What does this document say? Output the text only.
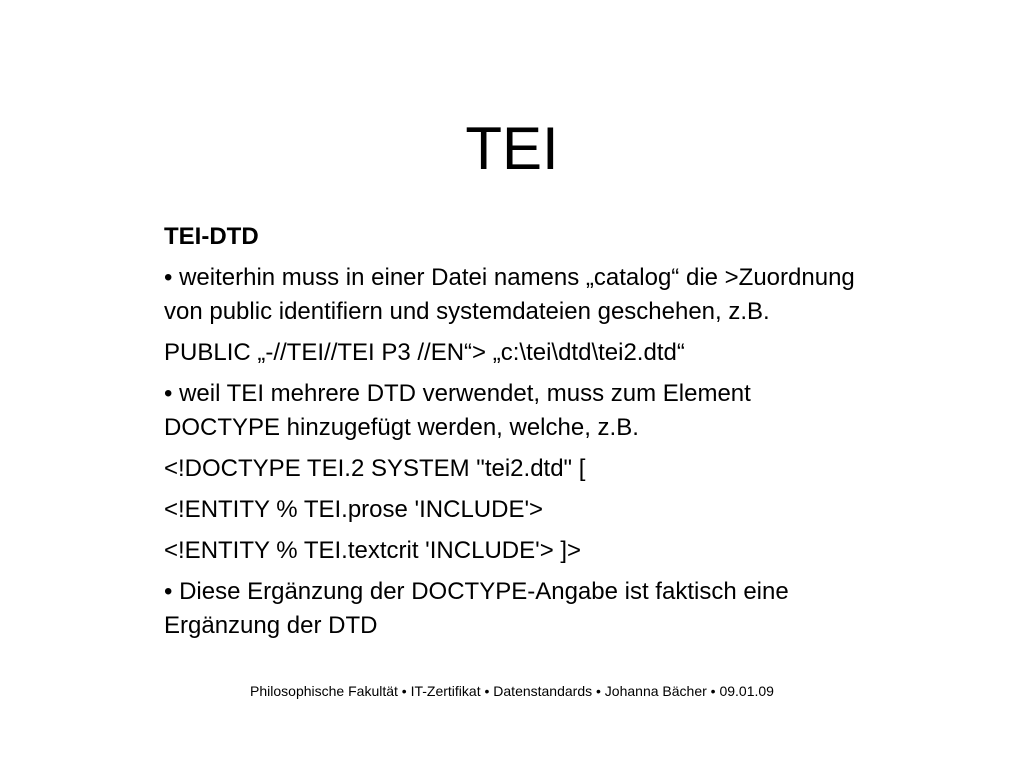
TEI

TEI-DTD

• weiterhin muss in einer Datei namens „catalog“ die >Zuordnung von public identifiern und systemdateien geschehen, z.B.

PUBLIC „-//TEI//TEI P3 //EN“> „c:\tei\dtd\tei2.dtd“

• weil TEI mehrere DTD verwendet, muss zum Element DOCTYPE hinzugefügt werden, welche, z.B.

<!DOCTYPE TEI.2 SYSTEM "tei2.dtd" [

<!ENTITY % TEI.prose 'INCLUDE'>

<!ENTITY % TEI.textcrit 'INCLUDE'> ]>

• Diese Ergänzung der DOCTYPE-Angabe ist faktisch eine Ergänzung der DTD

Philosophische Fakultät • IT-Zertifikat • Datenstandards • Johanna Bächer • 09.01.09
